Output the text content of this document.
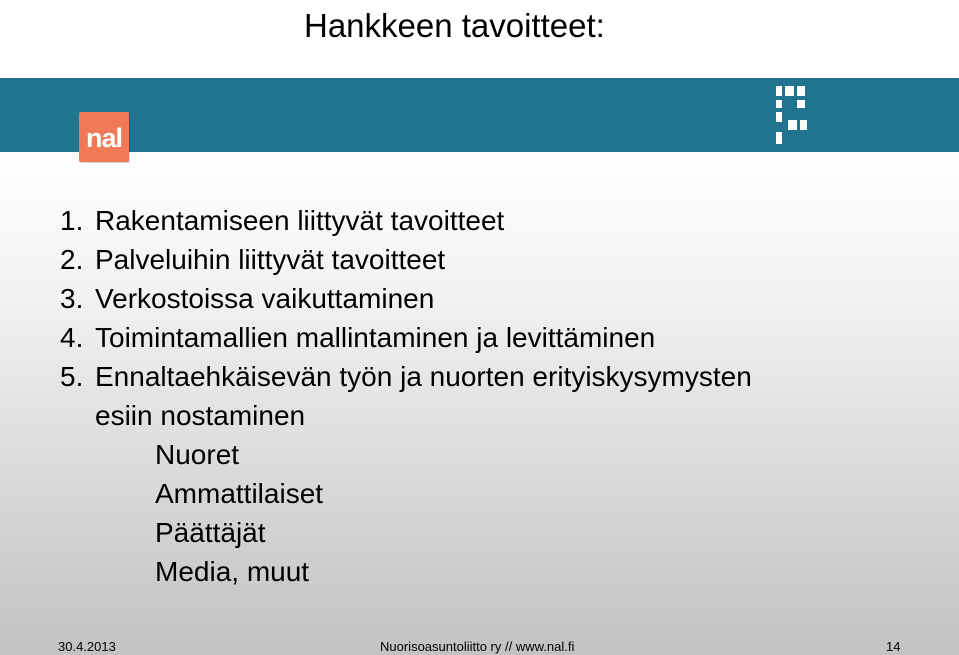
Hankkeen tavoitteet:
nal
1. Rakentamiseen liittyvät tavoitteet
2. Palveluihin liittyvät tavoitteet
3. Verkostoissa vaikuttaminen
4. Toimintamallien mallintaminen ja levittäminen
5. Ennaltaehkäisevän työn ja nuorten erityiskysymysten
esiin nostaminen
Nuoret
Ammattilaiset
Päättäjät
Media, muut
30.4.2013	Nuorisoasuntoliitto ry // www.nal.fi	14
